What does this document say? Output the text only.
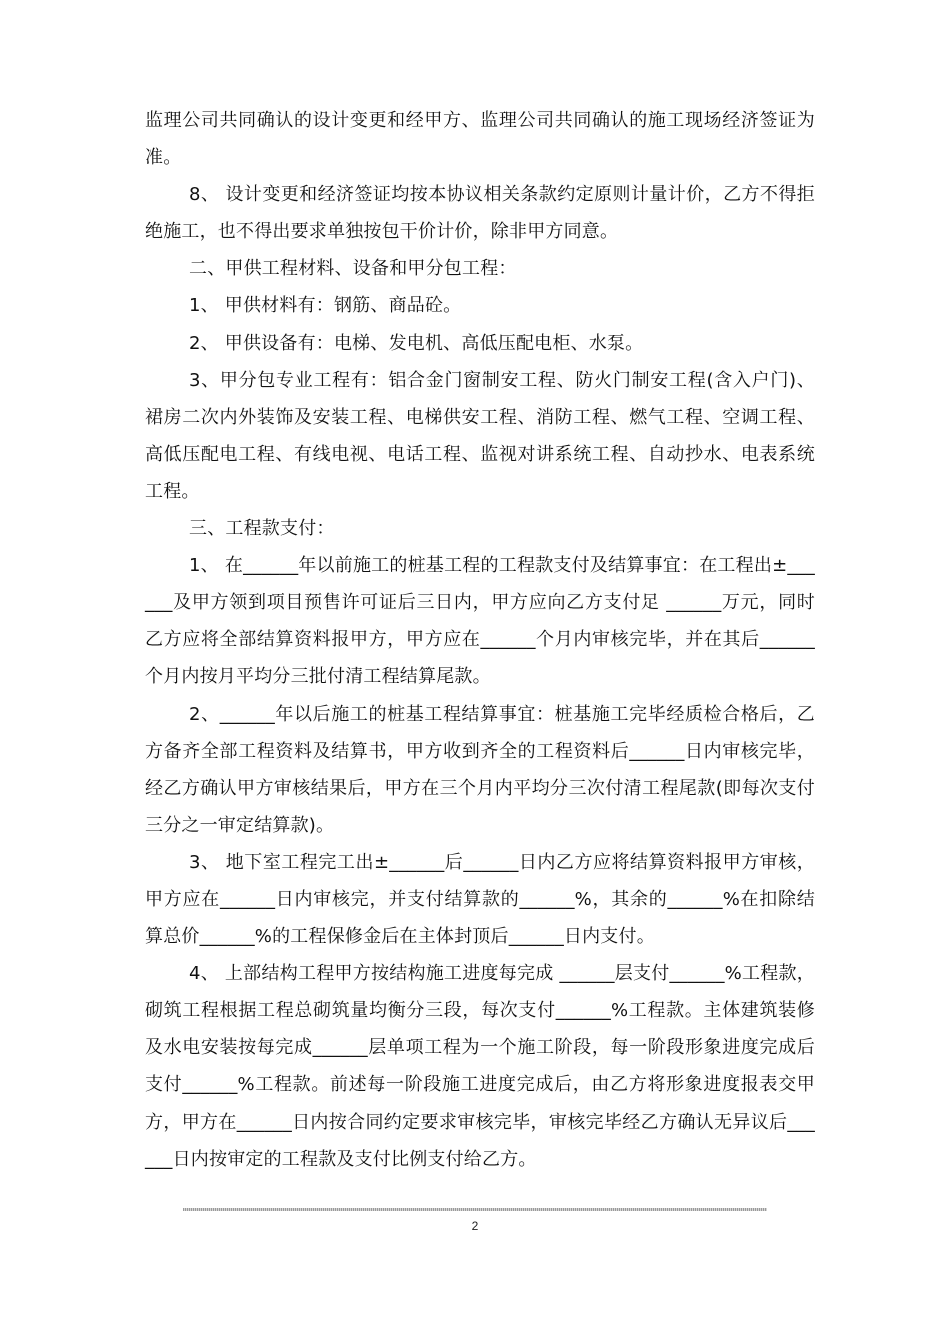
监理公司共同确认的设计变更和经甲方、监理公司共同确认的施工现场经济签证为准。

8、 设计变更和经济签证均按本协议相关条款约定原则计量计价，乙方不得拒绝施工，也不得出要求单独按包干价计价，除非甲方同意。

二、甲供工程材料、设备和甲分包工程：

1、 甲供材料有：钢筋、商品砼。

2、 甲供设备有：电梯、发电机、高低压配电柜、水泵。

3、甲分包专业工程有：铝合金门窗制安工程、防火门制安工程(含入户门)、裙房二次内外装饰及安装工程、电梯供安工程、消防工程、燃气工程、空调工程、高低压配电工程、有线电视、电话工程、监视对讲系统工程、自动抄水、电表系统工程。

三、工程款支付：

1、 在______年以前施工的桩基工程的工程款支付及结算事宜：在工程出±______及甲方领到项目预售许可证后三日内，甲方应向乙方支付足 ______万元，同时乙方应将全部结算资料报甲方，甲方应在______个月内审核完毕，并在其后______个月内按月平均分三批付清工程结算尾款。

2、______年以后施工的桩基工程结算事宜：桩基施工完毕经质检合格后，乙方备齐全部工程资料及结算书，甲方收到齐全的工程资料后______日内审核完毕，经乙方确认甲方审核结果后，甲方在三个月内平均分三次付清工程尾款(即每次支付三分之一审定结算款)。

3、 地下室工程完工出±______后______日内乙方应将结算资料报甲方审核，甲方应在______日内审核完，并支付结算款的______%，其余的______%在扣除结算总价______%的工程保修金后在主体封顶后______日内支付。

4、 上部结构工程甲方按结构施工进度每完成 ______层支付______%工程款，砌筑工程根据工程总砌筑量均衡分三段，每次支付______%工程款。主体建筑装修及水电安装按每完成______层单项工程为一个施工阶段，每一阶段形象进度完成后支付______%工程款。前述每一阶段施工进度完成后，由乙方将形象进度报表交甲方，甲方在______日内按合同约定要求审核完毕，审核完毕经乙方确认无异议后______日内按审定的工程款及支付比例支付给乙方。

2
